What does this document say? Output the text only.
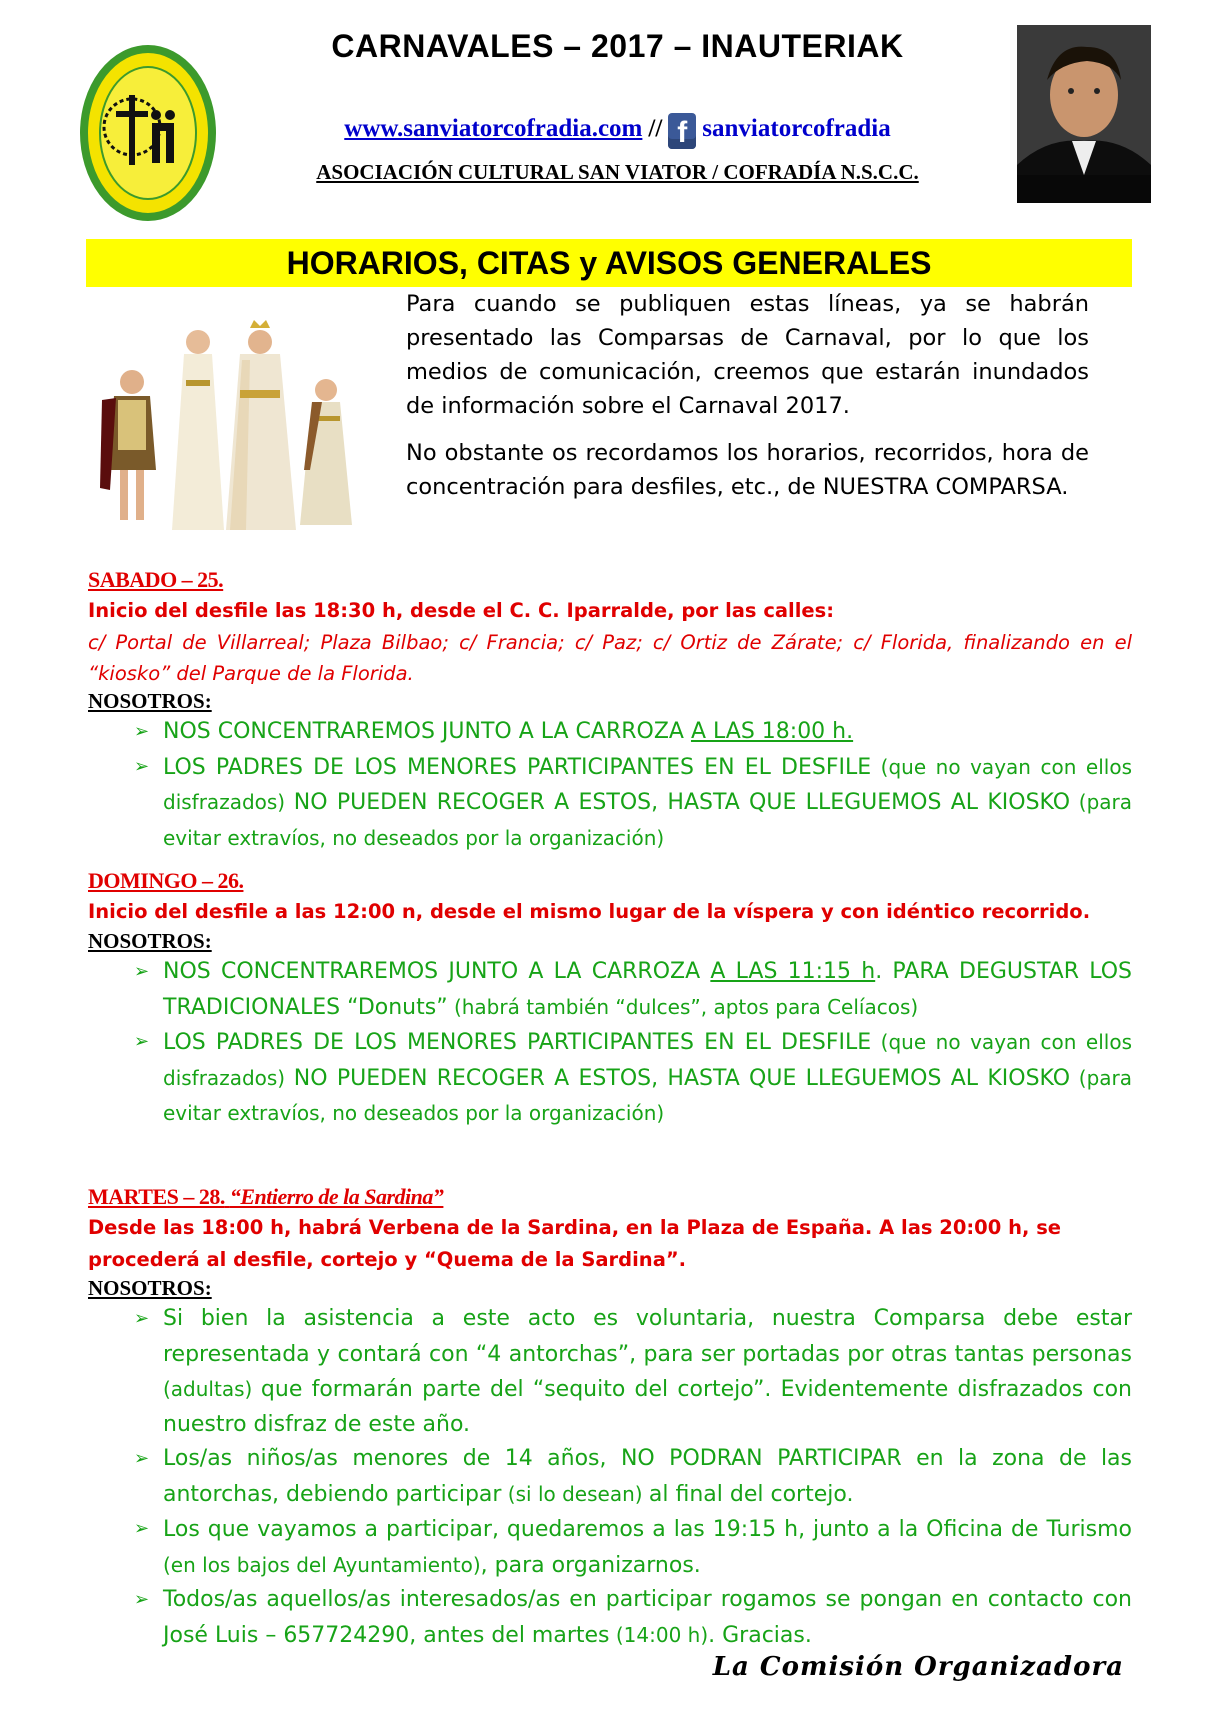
CARNAVALES – 2017 – INAUTERIAK
www.sanviatorcofradia.com // f sanviatorcofradia
ASOCIACIÓN CULTURAL SAN VIATOR / COFRADÍA N.S.C.C.
HORARIOS, CITAS y AVISOS GENERALES

Para cuando se publiquen estas líneas, ya se habrán presentado las Comparsas de Carnaval, por lo que los medios de comunicación, creemos que estarán inundados de información sobre el Carnaval 2017.

No obstante os recordamos los horarios, recorridos, hora de concentración para desfiles, etc., de NUESTRA COMPARSA.

SABADO – 25.
Inicio del desfile las 18:30 h, desde el C. C. Iparralde, por las calles:
c/ Portal de Villarreal; Plaza Bilbao; c/ Francia; c/ Paz; c/ Ortiz de Zárate; c/ Florida, finalizando en el “kiosko” del Parque de la Florida.
NOSOTROS:
➢ NOS CONCENTRAREMOS JUNTO A LA CARROZA A LAS 18:00 h.
➢ LOS PADRES DE LOS MENORES PARTICIPANTES EN EL DESFILE (que no vayan con ellos disfrazados) NO PUEDEN RECOGER A ESTOS, HASTA QUE LLEGUEMOS AL KIOSKO (para evitar extravíos, no deseados por la organización)
DOMINGO – 26.
Inicio del desfile a las 12:00 n, desde el mismo lugar de la víspera y con idéntico recorrido.
NOSOTROS:
➢ NOS CONCENTRAREMOS JUNTO A LA CARROZA A LAS 11:15 h. PARA DEGUSTAR LOS TRADICIONALES “Donuts” (habrá también “dulces”, aptos para Celíacos)
➢ LOS PADRES DE LOS MENORES PARTICIPANTES EN EL DESFILE (que no vayan con ellos disfrazados) NO PUEDEN RECOGER A ESTOS, HASTA QUE LLEGUEMOS AL KIOSKO (para evitar extravíos, no deseados por la organización)
MARTES – 28. “Entierro de la Sardina”
Desde las 18:00 h, habrá Verbena de la Sardina, en la Plaza de España. A las 20:00 h, se procederá al desfile, cortejo y “Quema de la Sardina”.
NOSOTROS:
➢ Si bien la asistencia a este acto es voluntaria, nuestra Comparsa debe estar representada y contará con “4 antorchas”, para ser portadas por otras tantas personas (adultas) que formarán parte del “sequito del cortejo”. Evidentemente disfrazados con nuestro disfraz de este año.
➢ Los/as niños/as menores de 14 años, NO PODRAN PARTICIPAR en la zona de las antorchas, debiendo participar (si lo desean) al final del cortejo.
➢ Los que vayamos a participar, quedaremos a las 19:15 h, junto a la Oficina de Turismo (en los bajos del Ayuntamiento), para organizarnos.
➢ Todos/as aquellos/as interesados/as en participar rogamos se pongan en contacto con José Luis – 657724290, antes del martes (14:00 h). Gracias.
La Comisión Organizadora
